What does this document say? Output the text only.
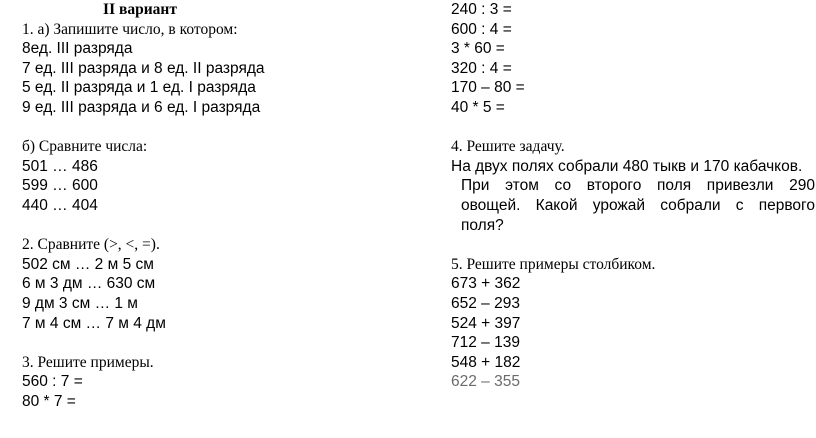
II вариант
1. а) Запишите число, в котором:
8ед. III разряда
7 ед. III разряда и 8 ед. II разряда
5 ед. II разряда и 1 ед. I разряда
9 ед. III разряда и 6 ед. I разряда
б) Сравните числа:
501 … 486
599 … 600
440 … 404
2. Сравните (>, <, =).
502 см … 2 м 5 см
6 м 3 дм … 630 см
9 дм 3 см … 1 м
7 м 4 см … 7 м 4 дм
3. Решите примеры.
560 : 7 =
80 * 7 =
240 : 3 =
600 : 4 =
3 * 60 =
320 : 4 =
170 – 80 =
40 * 5 =
4. Решите задачу.
На двух полях собрали 480 тыкв и 170 кабачков.
При этом со второго поля привезли 290
овощей. Какой урожай собрали с первого
поля?
5. Решите примеры столбиком.
673 + 362
652 – 293
524 + 397
712 – 139
548 + 182
622 – 355
